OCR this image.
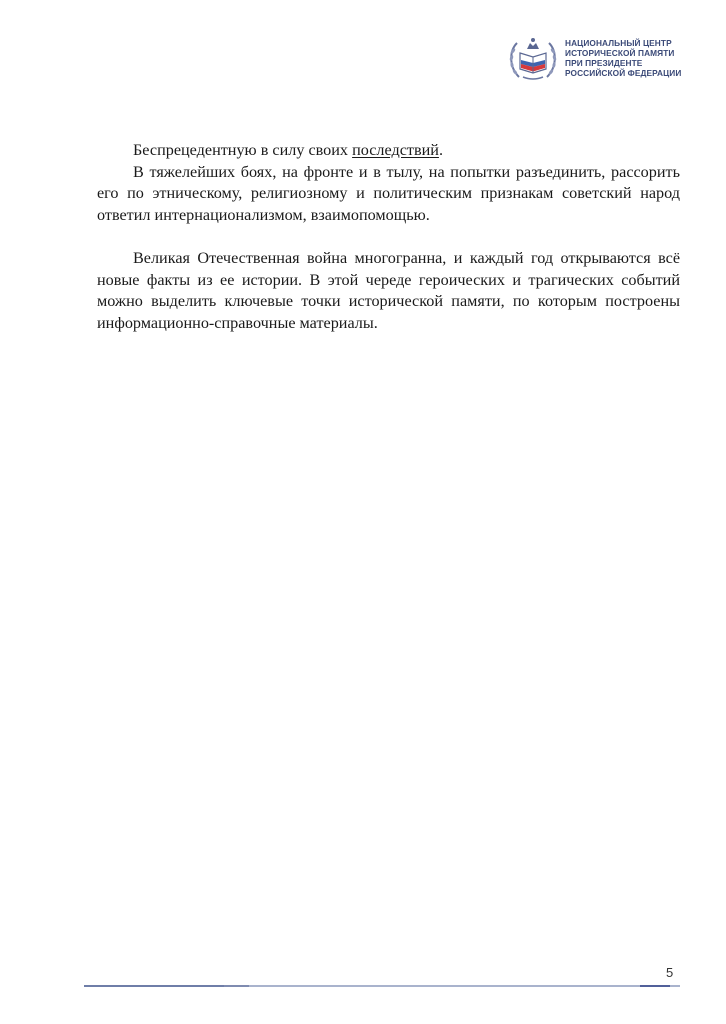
НАЦИОНАЛЬНЫЙ ЦЕНТР
ИСТОРИЧЕСКОЙ ПАМЯТИ
ПРИ ПРЕЗИДЕНТЕ
РОССИЙСКОЙ ФЕДЕРАЦИИ

Беспрецедентную в силу своих последствий.

В тяжелейших боях, на фронте и в тылу, на попытки разъединить, рассорить его по этническому, религиозному и политическим признакам советский народ ответил интернационализмом, взаимопомощью.

Великая Отечественная война многогранна, и каждый год открываются всё новые факты из ее истории. В этой череде героических и трагических событий можно выделить ключевые точки исторической памяти, по которым построены информационно-справочные материалы.

5
